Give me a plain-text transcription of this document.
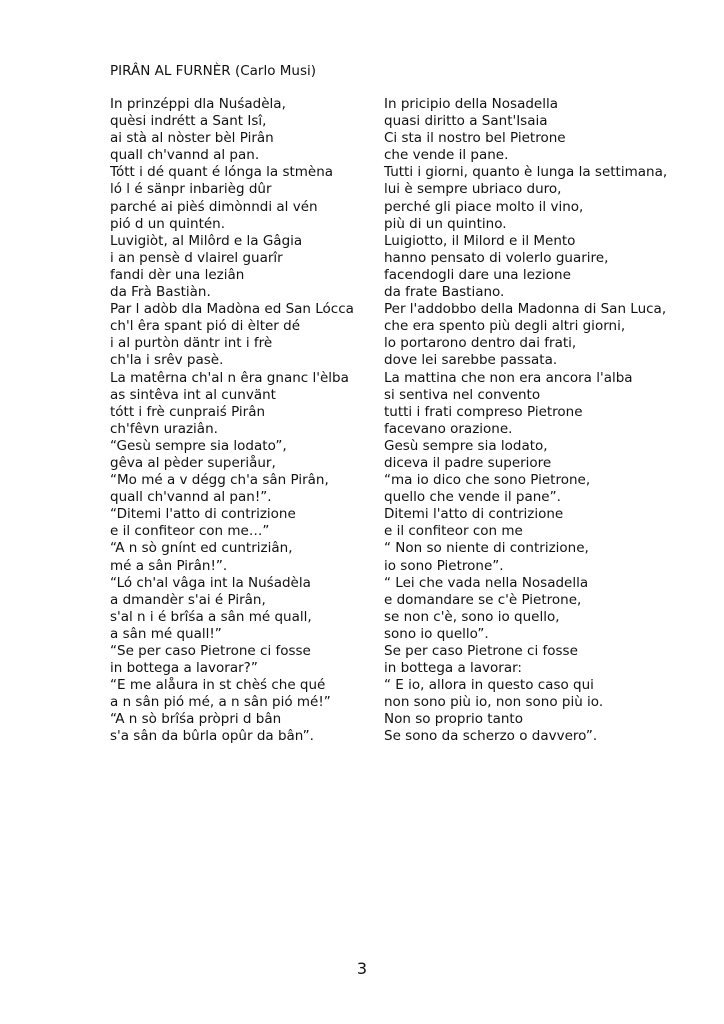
PIRÂN AL FURNÈR (Carlo Musi)
In prinzéppi dla Nuśadèla,
quèsi indrétt a Sant Isî,
ai stà al nòster bèl Pirân
quall ch'vannd al pan.
Tótt i dé quant é lónga la stmèna
ló l é sänpr inbarièg dûr
parché ai pièś dimònndi al vén
pió d un quintén.
Luvigiòt, al Milôrd e la Gâgia
i an pensè d vlairel guarîr
fandi dèr una leziân
da Frà Bastiàn.
Par l adòb dla Madòna ed San Lócca
ch'l êra spant pió di èlter dé
i al purtòn däntr int i frè
ch'la i srêv pasè.
La matêrna ch'al n êra gnanc l'èlba
as sintêva int al cunvänt
tótt i frè cunpraiś Pirân
ch'fêvn uraziân.
“Gesù sempre sia lodato”,
gêva al pèder superiåur,
“Mo mé a v dégg ch'a sân Pirân,
quall ch'vannd al pan!”.
“Ditemi l'atto di contrizione
e il confiteor con me…”
“A n sò gnínt ed cuntriziân,
mé a sân Pirân!”.
“Ló ch'al vâga int la Nuśadèla
a dmandèr s'ai é Pirân,
s'al n i é brîśa a sân mé quall,
a sân mé quall!”
“Se per caso Pietrone ci fosse
in bottega a lavorar?”
“E me alåura in st chèś che qué
a n sân pió mé, a n sân pió mé!”
“A n sò brîśa pròpri d bân
s'a sân da bûrla opûr da bân”.
In pricipio della Nosadella
quasi diritto a Sant'Isaia
Ci sta il nostro bel Pietrone
che vende il pane.
Tutti i giorni, quanto è lunga la settimana,
lui è sempre ubriaco duro,
perché gli piace molto il vino,
più di un quintino.
Luigiotto, il Milord e il Mento
hanno pensato di volerlo guarire,
facendogli dare una lezione
da frate Bastiano.
Per l'addobbo della Madonna di San Luca,
che era spento più degli altri giorni,
lo portarono dentro dai frati,
dove lei sarebbe passata.
La mattina che non era ancora l'alba
si sentiva nel convento
tutti i frati compreso Pietrone
facevano orazione.
Gesù sempre sia lodato,
diceva il padre superiore
“ma io dico che sono Pietrone,
quello che vende il pane”.
Ditemi l'atto di contrizione
e il confiteor con me
“ Non so niente di contrizione,
io sono Pietrone”.
“ Lei che vada nella Nosadella
e domandare se c'è Pietrone,
se non c'è, sono io quello,
sono io quello”.
Se per caso Pietrone ci fosse
in bottega a lavorar:
“ E io, allora in questo caso qui
non sono più io, non sono più io.
Non so proprio tanto
Se sono da scherzo o davvero”.
3
